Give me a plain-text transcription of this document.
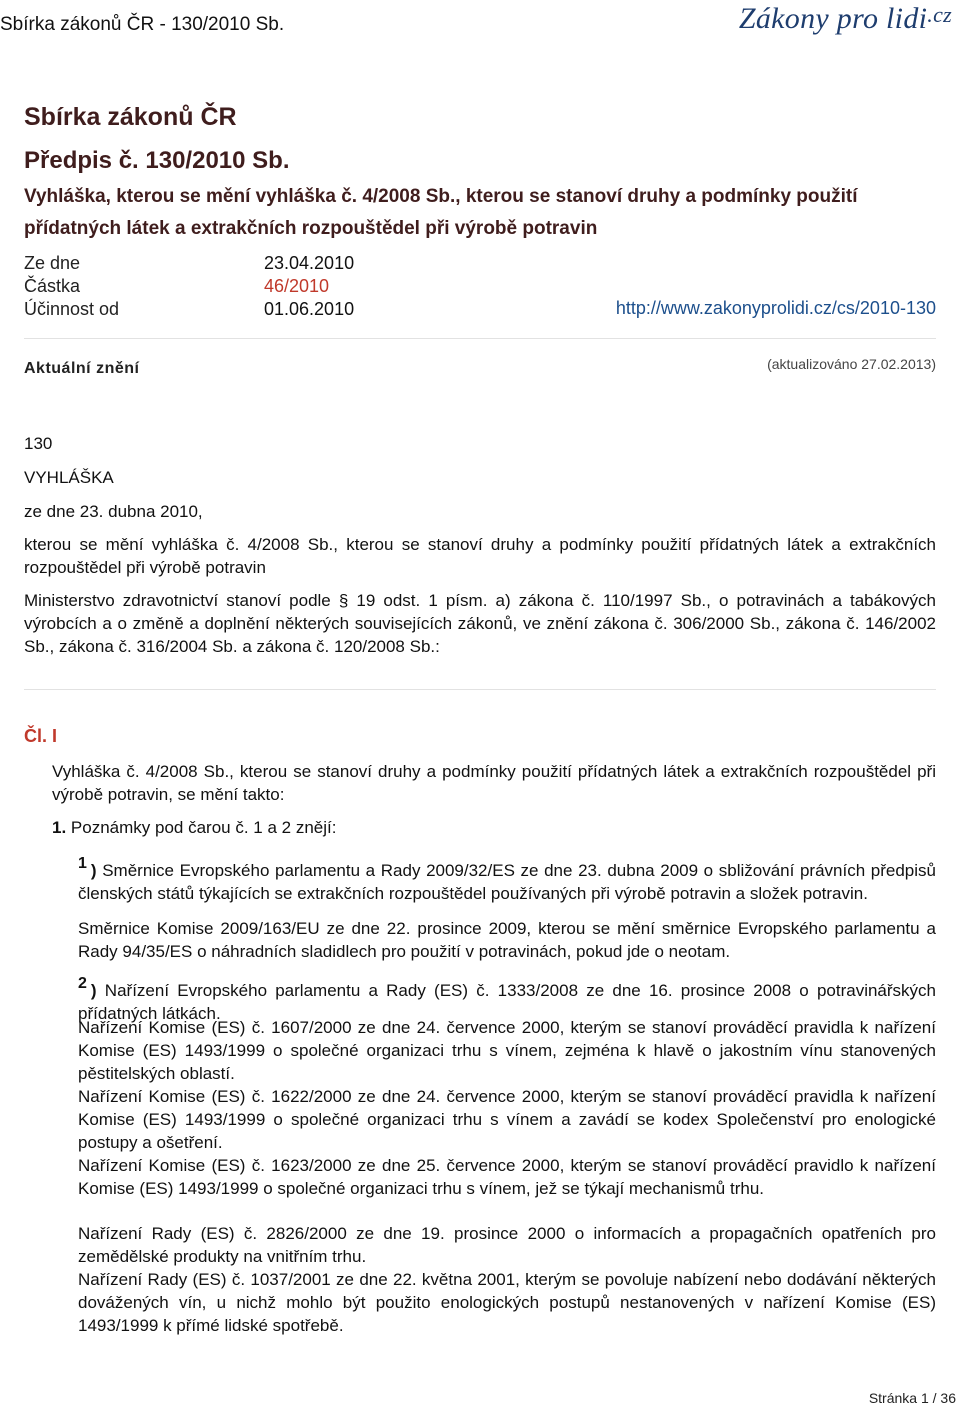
Sbírka zákonů ČR - 130/2010 Sb.	Zákony pro lidi$^{.cz}$
Sbírka zákonů ČR
Předpis č. 130/2010 Sb.
Vyhláška, kterou se mění vyhláška č. 4/2008 Sb., kterou se stanoví druhy a podmínky použití přídatných látek a extrakčních rozpouštědel při výrobě potravin
Ze dne	23.04.2010
Částka	46/2010
Účinnost od	01.06.2010	http://www.zakonyprolidi.cz/cs/2010-130
Aktuální znění	(aktualizováno 27.02.2013)
130
VYHLÁŠKA
ze dne 23. dubna 2010,
kterou se mění vyhláška č. 4/2008 Sb., kterou se stanoví druhy a podmínky použití přídatných látek a extrakčních rozpouštědel při výrobě potravin
Ministerstvo zdravotnictví stanoví podle § 19 odst. 1 písm. a) zákona č. 110/1997 Sb., o potravinách a tabákových výrobcích a o změně a doplnění některých souvisejících zákonů, ve znění zákona č. 306/2000 Sb., zákona č. 146/2002 Sb., zákona č. 316/2004 Sb. a zákona č. 120/2008 Sb.:
Čl. I
Vyhláška č. 4/2008 Sb., kterou se stanoví druhy a podmínky použití přídatných látek a extrakčních rozpouštědel při výrobě potravin, se mění takto:
1. Poznámky pod čarou č. 1 a 2 znějí:
1 ) Směrnice Evropského parlamentu a Rady 2009/32/ES ze dne 23. dubna 2009 o sbližování právních předpisů členských států týkajících se extrakčních rozpouštědel používaných při výrobě potravin a složek potravin.
Směrnice Komise 2009/163/EU ze dne 22. prosince 2009, kterou se mění směrnice Evropského parlamentu a Rady 94/35/ES o náhradních sladidlech pro použití v potravinách, pokud jde o neotam.
2 ) Nařízení Evropského parlamentu a Rady (ES) č. 1333/2008 ze dne 16. prosince 2008 o potravinářských přídatných látkách.
Nařízení Komise (ES) č. 1607/2000 ze dne 24. července 2000, kterým se stanoví prováděcí pravidla k nařízení Komise (ES) 1493/1999 o společné organizaci trhu s vínem, zejména k hlavě o jakostním vínu stanovených pěstitelských oblastí.
Nařízení Komise (ES) č. 1622/2000 ze dne 24. července 2000, kterým se stanoví prováděcí pravidla k nařízení Komise (ES) 1493/1999 o společné organizaci trhu s vínem a zavádí se kodex Společenství pro enologické postupy a ošetření.
Nařízení Komise (ES) č. 1623/2000 ze dne 25. července 2000, kterým se stanoví prováděcí pravidlo k nařízení Komise (ES) 1493/1999 o společné organizaci trhu s vínem, jež se týkají mechanismů trhu.
Nařízení Rady (ES) č. 2826/2000 ze dne 19. prosince 2000 o informacích a propagačních opatřeních pro zemědělské produkty na vnitřním trhu.
Nařízení Rady (ES) č. 1037/2001 ze dne 22. května 2001, kterým se povoluje nabízení nebo dodávání některých dovážených vín, u nichž mohlo být použito enologických postupů nestanovených v nařízení Komise (ES) 1493/1999 k přímé lidské spotřebě.
Stránka 1 / 36
